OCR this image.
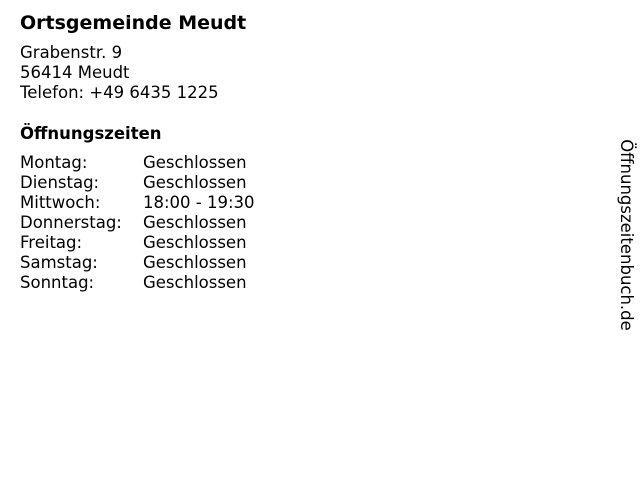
Ortsgemeinde Meudt
Grabenstr. 9
56414 Meudt
Telefon: +49 6435 1225
Öffnungszeiten
Montag:	Geschlossen
Dienstag:	Geschlossen
Mittwoch:	18:00 - 19:30
Donnerstag:	Geschlossen
Freitag:	Geschlossen
Samstag:	Geschlossen
Sonntag:	Geschlossen	Öffnungszeitenbuch.de
